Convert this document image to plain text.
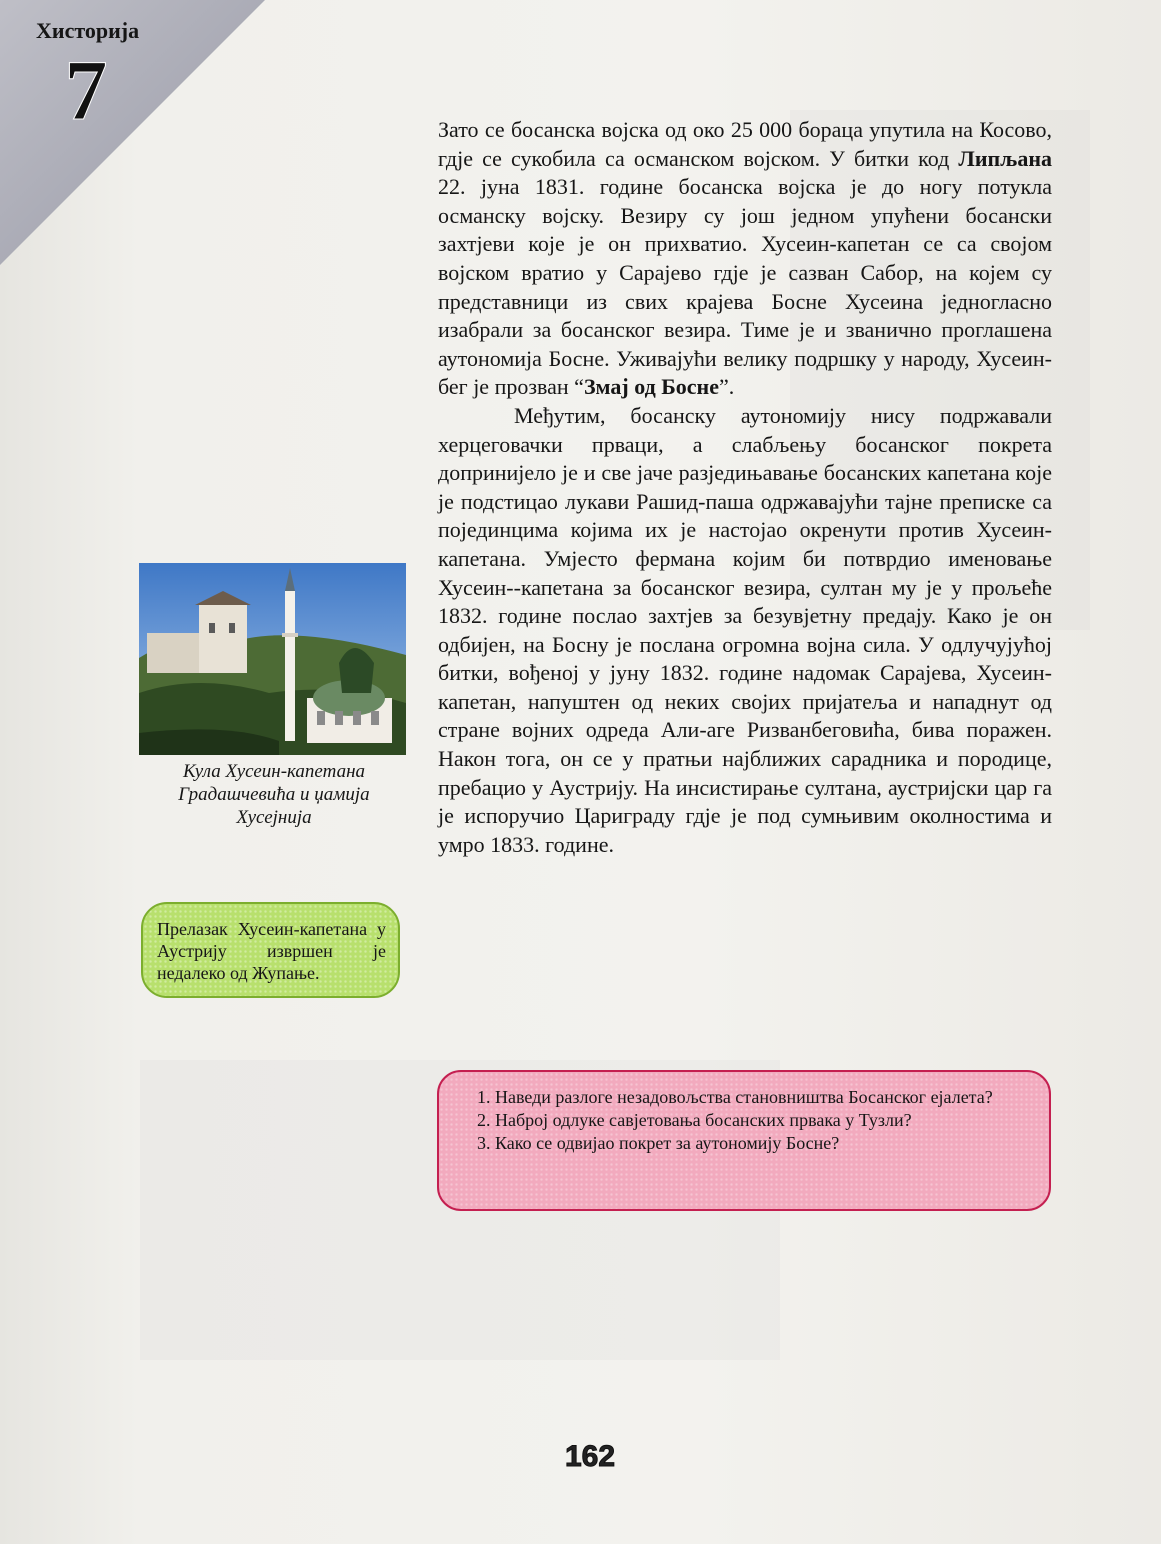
Хисторија
7	Зато се босанска војска од око 25 000 бораца упутила на Косово, гдје се сукобила са османском војском. У битки код Липљана 22. јуна 1831. године босанска војска је до ногу потукла османску војску. Везиру су још једном упућени босански захтјеви које је он прихватио. Хусеин-капетан се са својом војском вратио у Сарајево гдје је сазван Сабор, на којем су представници из свих крајева Босне Хусеина једногласно изабрали за босанског везира. Тиме је и званично проглашена аутономија Босне. Уживајући велику подршку у народу, Хусеин-бег је прозван “Змај од Босне”.

Међутим, босанску аутономију нису подржавали херцеговачки прваци, а слабљењу босанског покрета допринијело је и све јаче разједињавање босанских капетана које је подстицао лукави Рашид-паша одржавајући тајне преписке са појединцима којима их је настојао окренути против Хусеин-капетана. Умјесто фермана којим би потврдио именовање Хусеин--капетана за босанског везира, султан му је у прољеће 1832. године послао захтјев за безувјетну предају. Како је он одбијен, на Босну је послана огромна војна сила. У одлучујућој битки, вођеној у јуну 1832. године надомак Сарајева, Хусеин-капетан, напуштен од неких својих пријатеља и нападнут од стране војних одреда Али-аге Ризванбеговића, бива поражен. Након тога, он се у пратњи најближих сарадника и породице, пребацио у Аустрију. На инсистирање султана, аустријски цар га је испоручио Цариграду гдје је под сумњивим околностима и умро 1833. године.

Кула Хусеин-капетана Градашчевића и џамија Хусејнија
Прелазак Хусеин-капетана у Аустрију извршен је недалеко од Жупање.
1. Наведи разлоге незадовољства становништва Босанског ејалета?
2. Наброј одлуке савјетовања босанских првака у Тузли?
3. Како се одвијао покрет за аутономију Босне?
162
